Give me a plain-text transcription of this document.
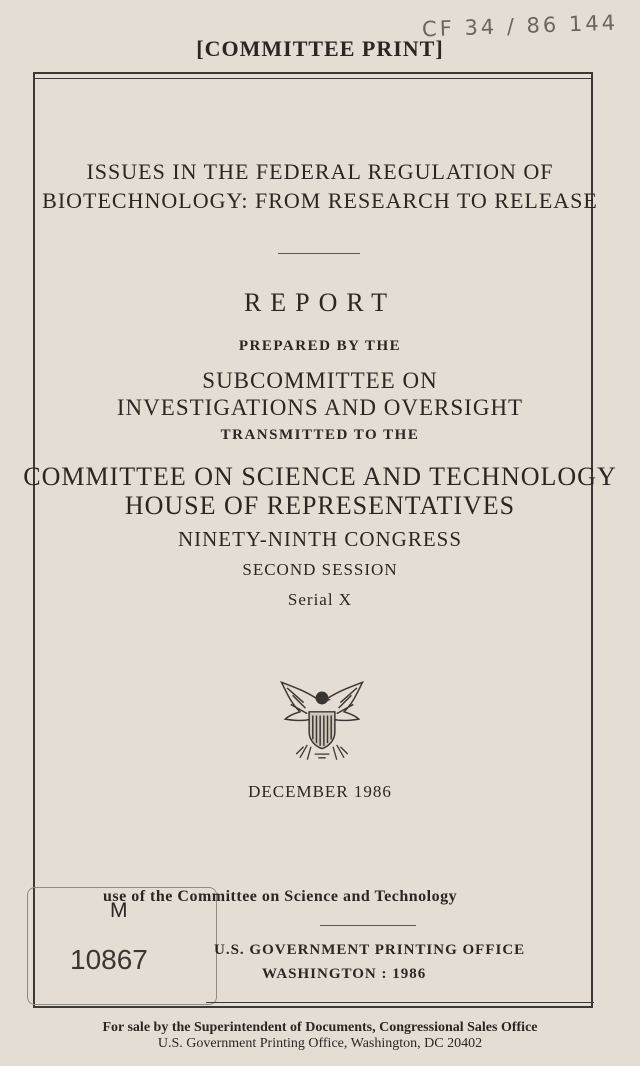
CF 34 / 86 144
[COMMITTEE PRINT]
ISSUES IN THE FEDERAL REGULATION OF
BIOTECHNOLOGY: FROM RESEARCH TO RELEASE
REPORT
PREPARED BY THE
SUBCOMMITTEE ON
INVESTIGATIONS AND OVERSIGHT
TRANSMITTED TO THE
COMMITTEE ON SCIENCE AND TECHNOLOGY
HOUSE OF REPRESENTATIVES
NINETY-NINTH CONGRESS
SECOND SESSION
Serial X
DECEMBER 1986
M
use of the Committee on Science and Technology
10867	U.S. GOVERNMENT PRINTING OFFICE
WASHINGTON : 1986
For sale by the Superintendent of Documents, Congressional Sales Office
U.S. Government Printing Office, Washington, DC 20402
